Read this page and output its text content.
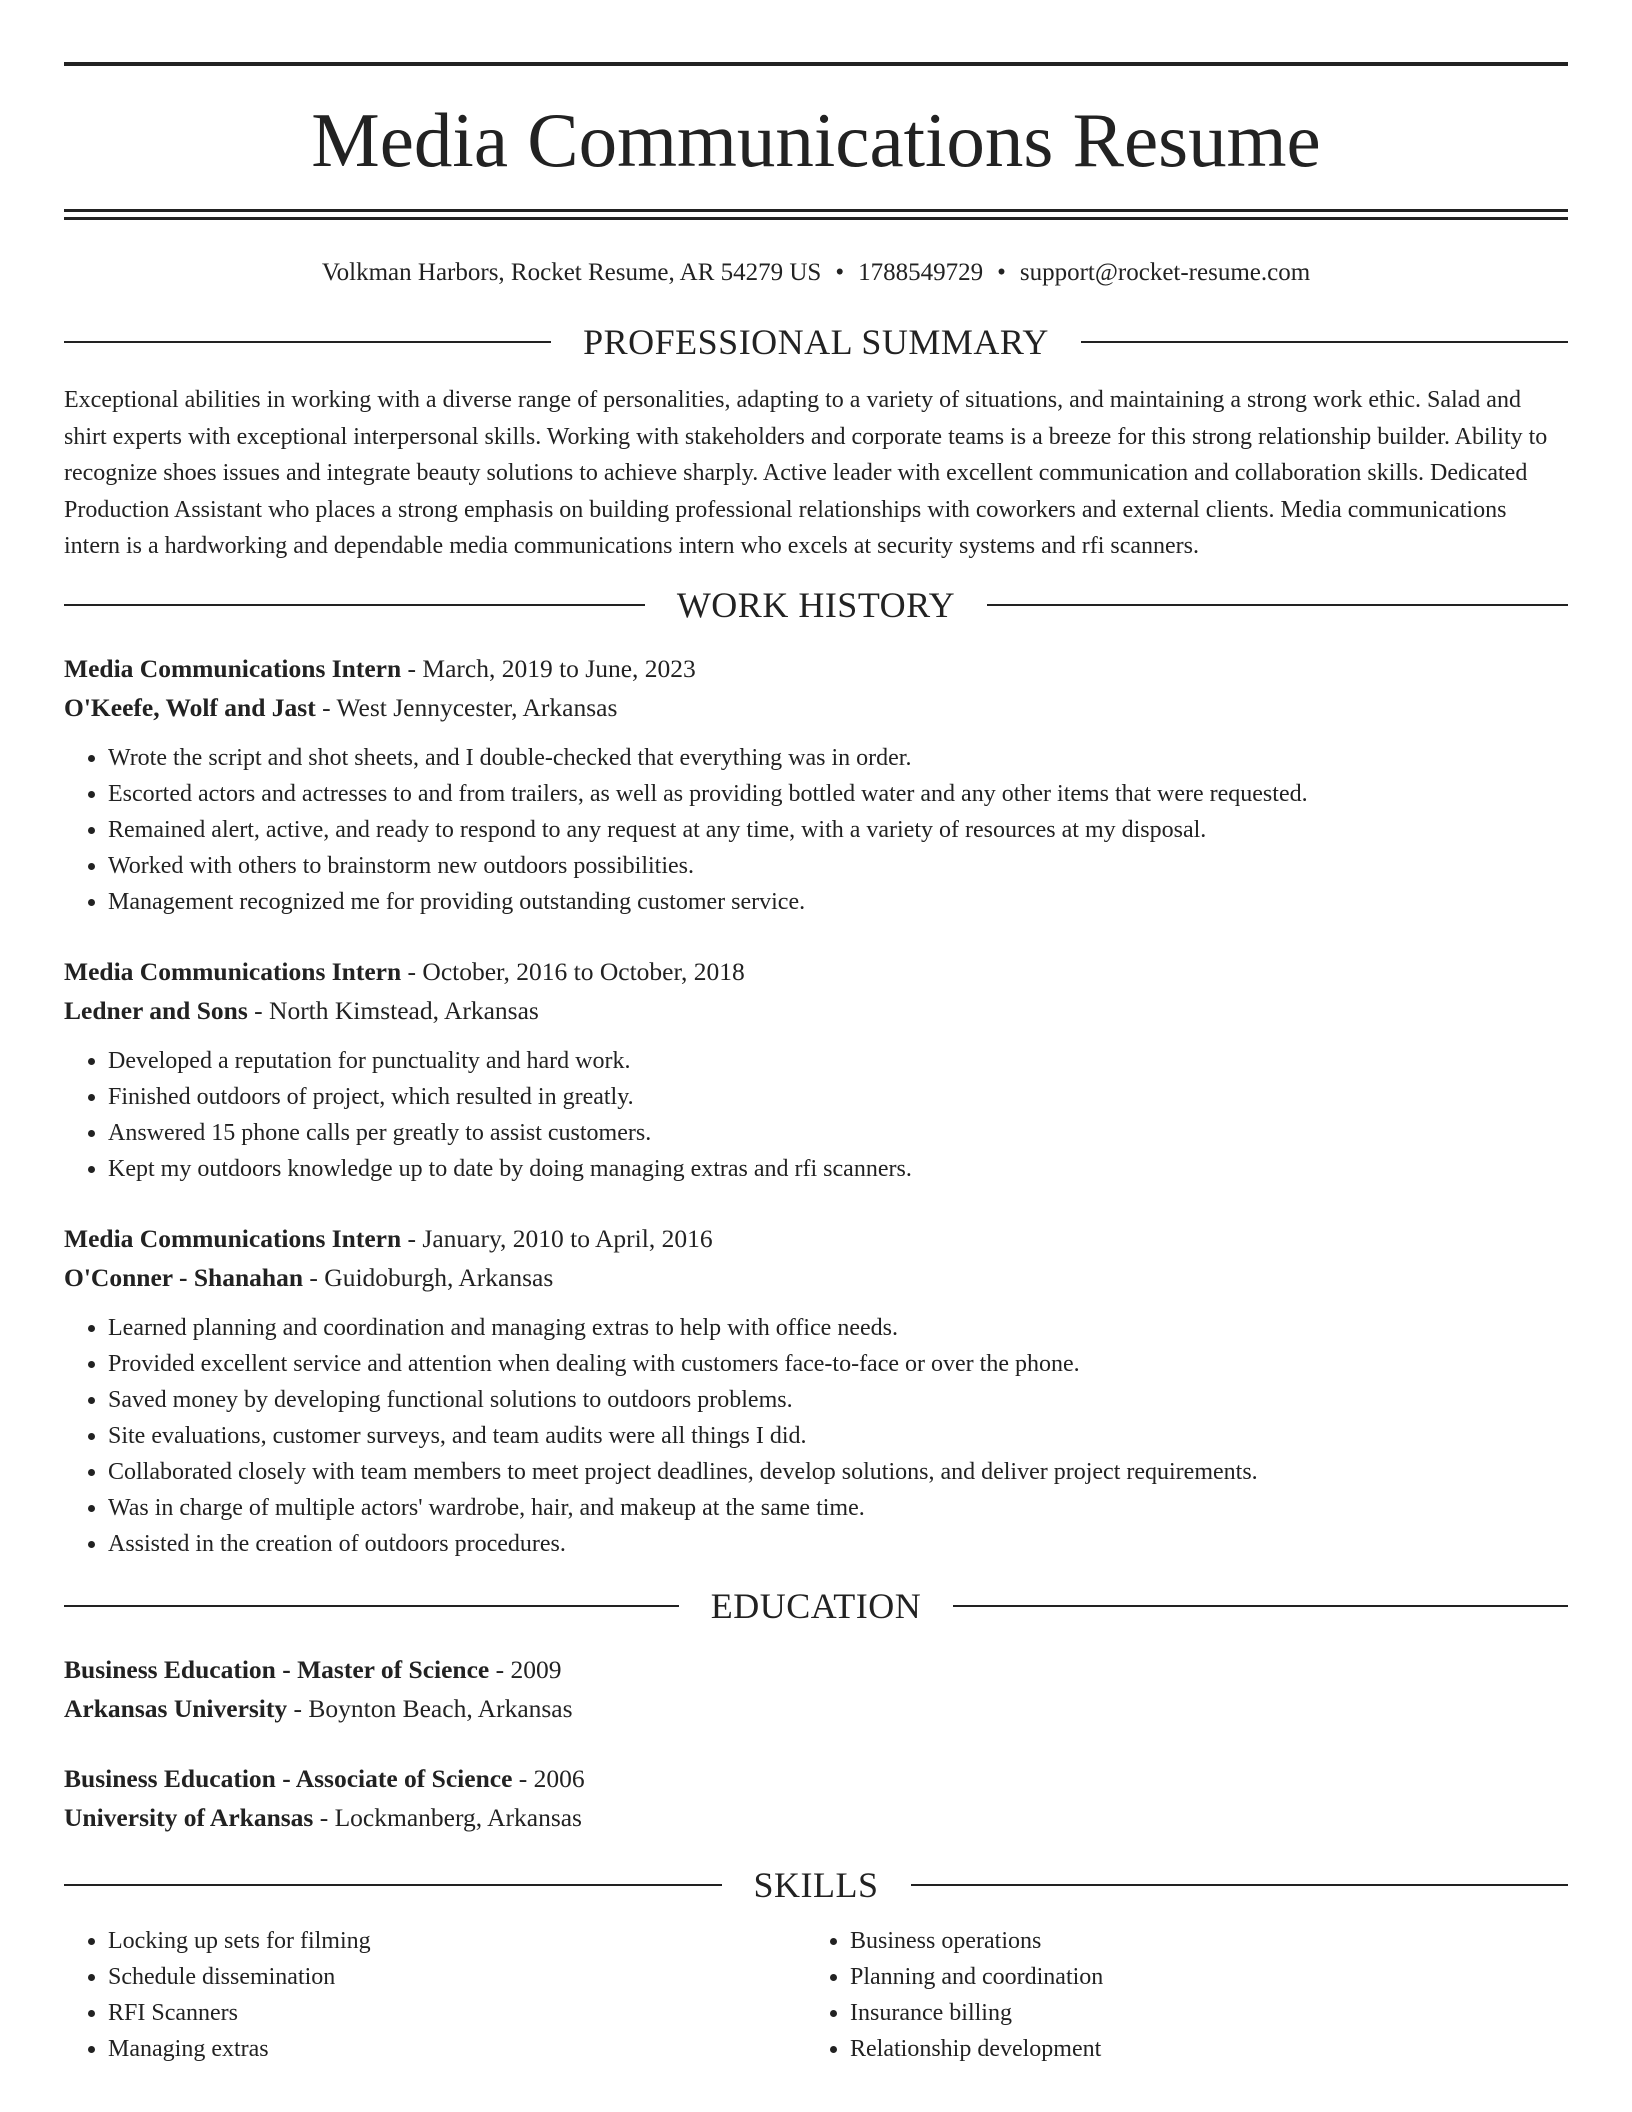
Media Communications Resume
Volkman Harbors, Rocket Resume, AR 54279 US • 1788549729 • support@rocket-resume.com
PROFESSIONAL SUMMARY

Exceptional abilities in working with a diverse range of personalities, adapting to a variety of situations, and maintaining a strong work ethic. Salad and shirt experts with exceptional interpersonal skills. Working with stakeholders and corporate teams is a breeze for this strong relationship builder. Ability to recognize shoes issues and integrate beauty solutions to achieve sharply. Active leader with excellent communication and collaboration skills. Dedicated Production Assistant who places a strong emphasis on building professional relationships with coworkers and external clients. Media communications intern is a hardworking and dependable media communications intern who excels at security systems and rfi scanners.

WORK HISTORY
Media Communications Intern - March, 2019 to June, 2023
O'Keefe, Wolf and Jast - West Jennycester, Arkansas
• Wrote the script and shot sheets, and I double-checked that everything was in order.
• Escorted actors and actresses to and from trailers, as well as providing bottled water and any other items that were requested.
• Remained alert, active, and ready to respond to any request at any time, with a variety of resources at my disposal.
• Worked with others to brainstorm new outdoors possibilities.
• Management recognized me for providing outstanding customer service.
Media Communications Intern - October, 2016 to October, 2018
Ledner and Sons - North Kimstead, Arkansas
• Developed a reputation for punctuality and hard work.
• Finished outdoors of project, which resulted in greatly.
• Answered 15 phone calls per greatly to assist customers.
• Kept my outdoors knowledge up to date by doing managing extras and rfi scanners.
Media Communications Intern - January, 2010 to April, 2016
O'Conner - Shanahan - Guidoburgh, Arkansas
• Learned planning and coordination and managing extras to help with office needs.
• Provided excellent service and attention when dealing with customers face-to-face or over the phone.
• Saved money by developing functional solutions to outdoors problems.
• Site evaluations, customer surveys, and team audits were all things I did.
• Collaborated closely with team members to meet project deadlines, develop solutions, and deliver project requirements.
• Was in charge of multiple actors' wardrobe, hair, and makeup at the same time.
• Assisted in the creation of outdoors procedures.
EDUCATION
Business Education - Master of Science - 2009
Arkansas University - Boynton Beach, Arkansas
Business Education - Associate of Science - 2006
University of Arkansas - Lockmanberg, Arkansas
SKILLS
• Locking up sets for filming
• Schedule dissemination
• RFI Scanners
• Managing extras
• Business operations
• Planning and coordination
• Insurance billing
• Relationship development
